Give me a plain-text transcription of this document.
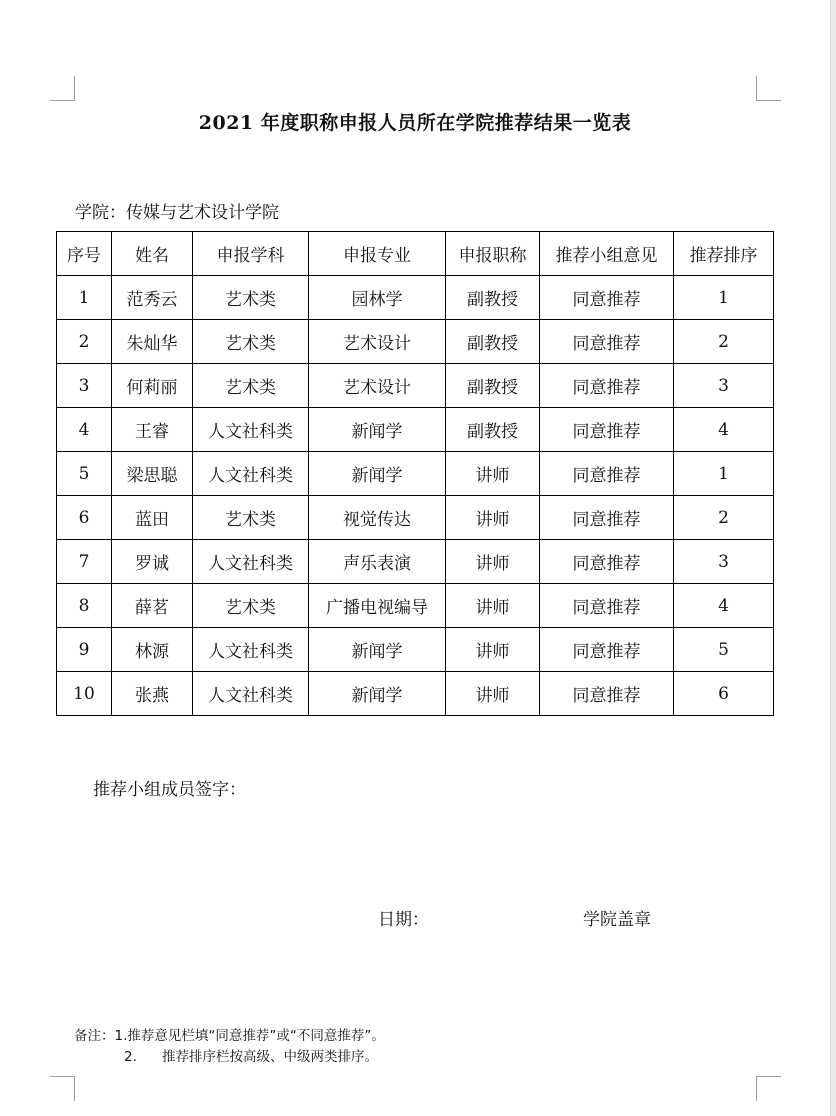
2021 年度职称申报人员所在学院推荐结果一览表
学院：传媒与艺术设计学院
序号	姓名	申报学科	申报专业	申报职称	推荐小组意见	推荐排序
1	范秀云	艺术类	园林学	副教授	同意推荐	1
2	朱灿华	艺术类	艺术设计	副教授	同意推荐	2
3	何莉丽	艺术类	艺术设计	副教授	同意推荐	3
4	王睿	人文社科类	新闻学	副教授	同意推荐	4
5	梁思聪	人文社科类	新闻学	讲师	同意推荐	1
6	蓝田	艺术类	视觉传达	讲师	同意推荐	2
7	罗诚	人文社科类	声乐表演	讲师	同意推荐	3
8	薛茗	艺术类	广播电视编导	讲师	同意推荐	4
9	林源	人文社科类	新闻学	讲师	同意推荐	5
10	张燕	人文社科类	新闻学	讲师	同意推荐	6
推荐小组成员签字：
日期：	学院盖章
备注：1.推荐意见栏填“同意推荐”或“不同意推荐”。
2. 推荐排序栏按高级、中级两类排序。
